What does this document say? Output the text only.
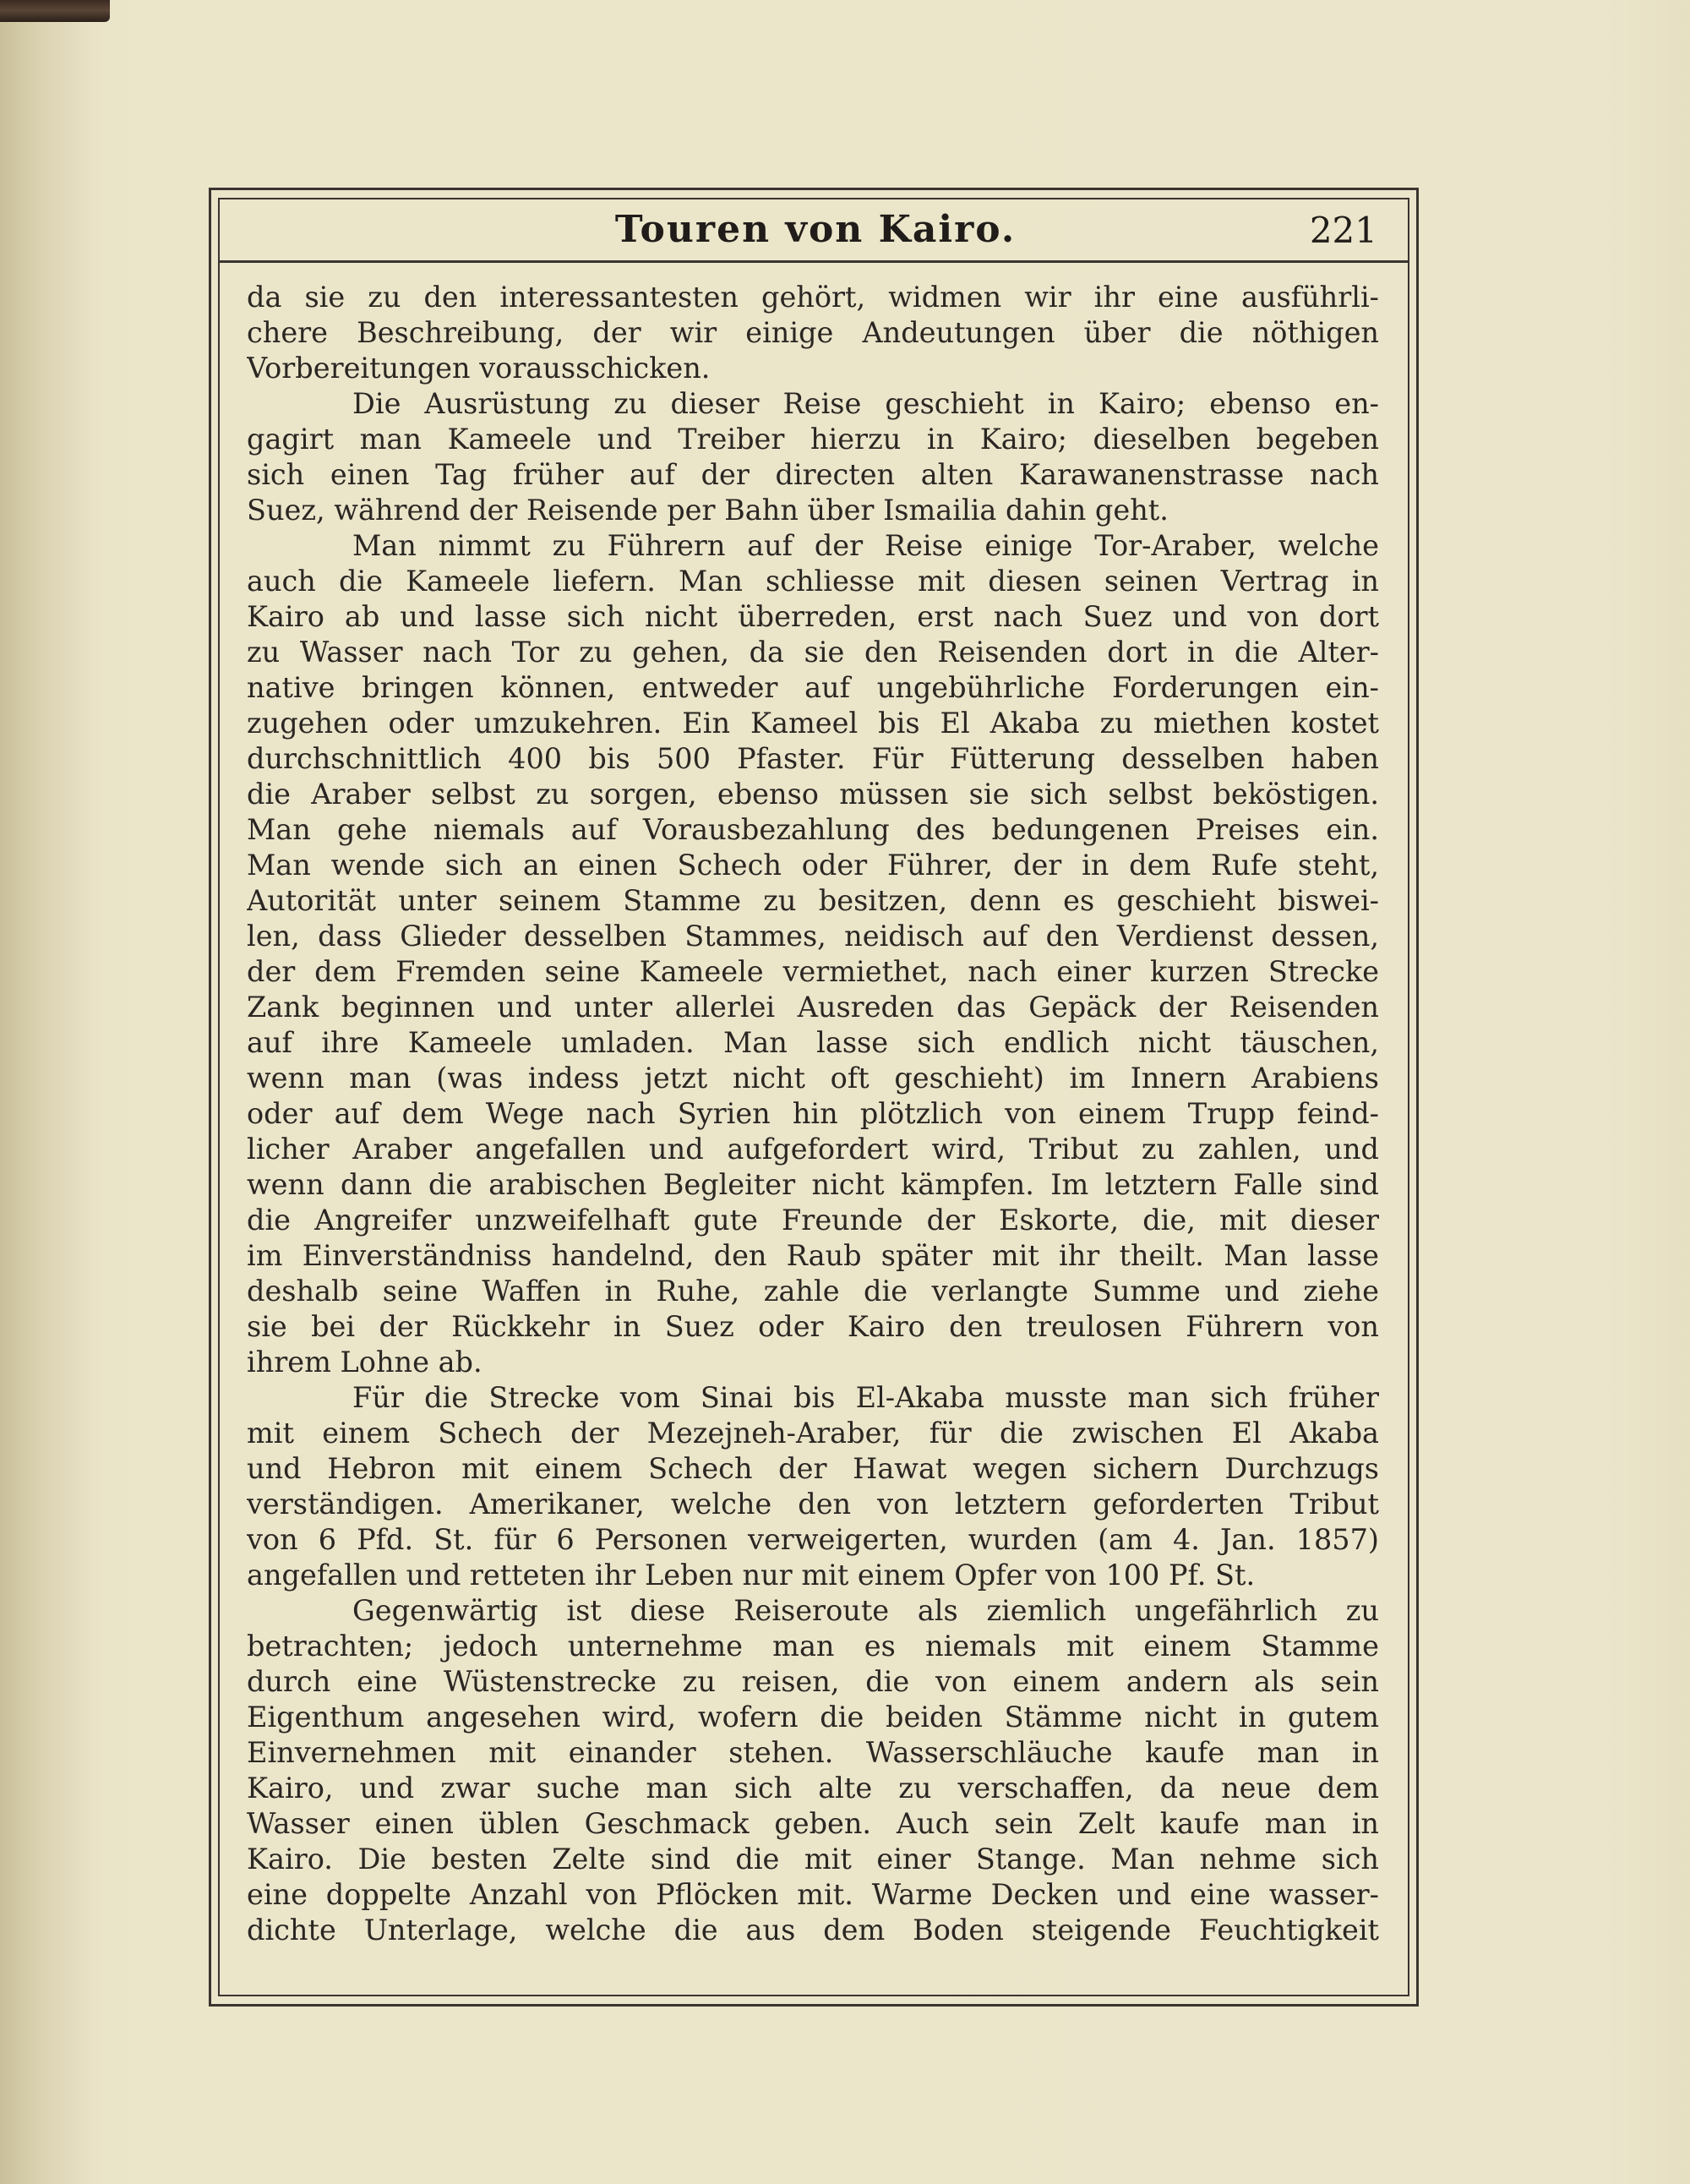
Touren von Kairo.	221
da sie zu den interessantesten gehört, widmen wir ihr eine ausführli-
chere Beschreibung, der wir einige Andeutungen über die nöthigen
Vorbereitungen vorausschicken.
Die Ausrüstung zu dieser Reise geschieht in Kairo; ebenso en-
gagirt man Kameele und Treiber hierzu in Kairo; dieselben begeben
sich einen Tag früher auf der directen alten Karawanenstrasse nach
Suez, während der Reisende per Bahn über Ismailia dahin geht.
Man nimmt zu Führern auf der Reise einige Tor-Araber, welche
auch die Kameele liefern. Man schliesse mit diesen seinen Vertrag in
Kairo ab und lasse sich nicht überreden, erst nach Suez und von dort
zu Wasser nach Tor zu gehen, da sie den Reisenden dort in die Alter-
native bringen können, entweder auf ungebührliche Forderungen ein-
zugehen oder umzukehren. Ein Kameel bis El Akaba zu miethen kostet
durchschnittlich 400 bis 500 Pfaster. Für Fütterung desselben haben
die Araber selbst zu sorgen, ebenso müssen sie sich selbst beköstigen.
Man gehe niemals auf Vorausbezahlung des bedungenen Preises ein.
Man wende sich an einen Schech oder Führer, der in dem Rufe steht,
Autorität unter seinem Stamme zu besitzen, denn es geschieht biswei-
len, dass Glieder desselben Stammes, neidisch auf den Verdienst dessen,
der dem Fremden seine Kameele vermiethet, nach einer kurzen Strecke
Zank beginnen und unter allerlei Ausreden das Gepäck der Reisenden
auf ihre Kameele umladen. Man lasse sich endlich nicht täuschen,
wenn man (was indess jetzt nicht oft geschieht) im Innern Arabiens
oder auf dem Wege nach Syrien hin plötzlich von einem Trupp feind-
licher Araber angefallen und aufgefordert wird, Tribut zu zahlen, und
wenn dann die arabischen Begleiter nicht kämpfen. Im letztern Falle sind
die Angreifer unzweifelhaft gute Freunde der Eskorte, die, mit dieser
im Einverständniss handelnd, den Raub später mit ihr theilt. Man lasse
deshalb seine Waffen in Ruhe, zahle die verlangte Summe und ziehe
sie bei der Rückkehr in Suez oder Kairo den treulosen Führern von
ihrem Lohne ab.
Für die Strecke vom Sinai bis El-Akaba musste man sich früher
mit einem Schech der Mezejneh-Araber, für die zwischen El Akaba
und Hebron mit einem Schech der Hawat wegen sichern Durchzugs
verständigen. Amerikaner, welche den von letztern geforderten Tribut
von 6 Pfd. St. für 6 Personen verweigerten, wurden (am 4. Jan. 1857)
angefallen und retteten ihr Leben nur mit einem Opfer von 100 Pf. St.
Gegenwärtig ist diese Reiseroute als ziemlich ungefährlich zu
betrachten; jedoch unternehme man es niemals mit einem Stamme
durch eine Wüstenstrecke zu reisen, die von einem andern als sein
Eigenthum angesehen wird, wofern die beiden Stämme nicht in gutem
Einvernehmen mit einander stehen. Wasserschläuche kaufe man in
Kairo, und zwar suche man sich alte zu verschaffen, da neue dem
Wasser einen üblen Geschmack geben. Auch sein Zelt kaufe man in
Kairo. Die besten Zelte sind die mit einer Stange. Man nehme sich
eine doppelte Anzahl von Pflöcken mit. Warme Decken und eine wasser-
dichte Unterlage, welche die aus dem Boden steigende Feuchtigkeit
